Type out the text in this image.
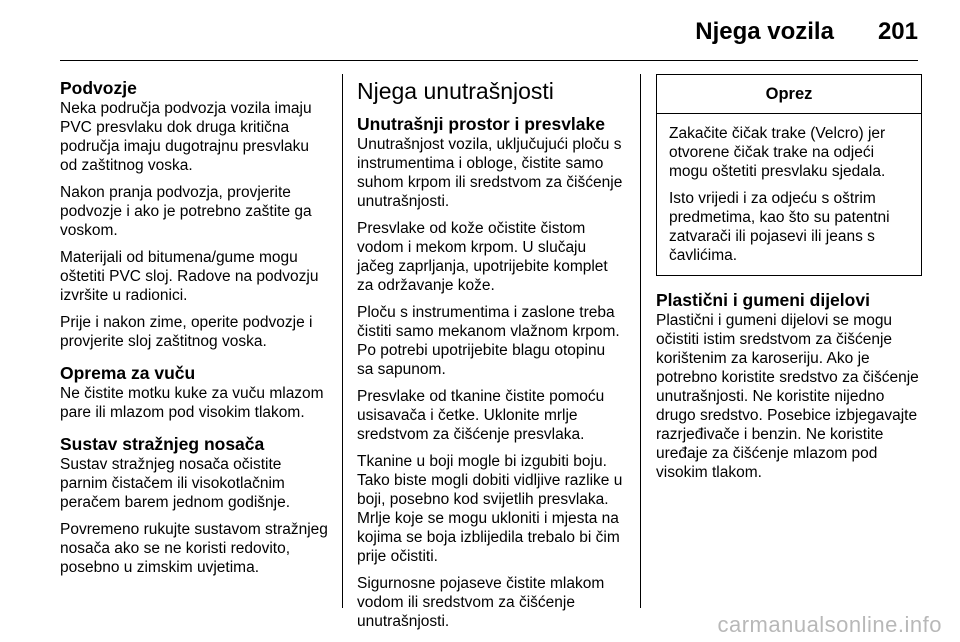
Njega vozila 201
Podvozje

Neka područja podvozja vozila imaju PVC presvlaku dok druga kritična područja imaju dugotrajnu presvlaku od zaštitnog voska.

Nakon pranja podvozja, provjerite podvozje i ako je potrebno zaštite ga voskom.

Materijali od bitumena/gume mogu oštetiti PVC sloj. Radove na podvozju izvršite u radionici.

Prije i nakon zime, operite podvozje i provjerite sloj zaštitnog voska.

Oprema za vuču

Ne čistite motku kuke za vuču mlazom pare ili mlazom pod visokim tlakom.

Sustav stražnjeg nosača

Sustav stražnjeg nosača očistite parnim čistačem ili visokotlačnim peračem barem jednom godišnje.

Povremeno rukujte sustavom stražnjeg nosača ako se ne koristi redovito, posebno u zimskim uvjetima.

Njega unutrašnjosti
Unutrašnji prostor i presvlake

Unutrašnjost vozila, uključujući ploču s instrumentima i obloge, čistite samo suhom krpom ili sredstvom za čišćenje unutrašnjosti.

Presvlake od kože očistite čistom vodom i mekom krpom. U slučaju jačeg zaprljanja, upotrijebite komplet za održavanje kože.

Ploču s instrumentima i zaslone treba čistiti samo mekanom vlažnom krpom. Po potrebi upotrijebite blagu otopinu sa sapunom.

Presvlake od tkanine čistite pomoću usisavača i četke. Uklonite mrlje sredstvom za čišćenje presvlaka.

Tkanine u boji mogle bi izgubiti boju. Tako biste mogli dobiti vidljive razlike u boji, posebno kod svijetlih presvlaka. Mrlje koje se mogu ukloniti i mjesta na kojima se boja izblijedila trebalo bi čim prije očistiti.

Sigurnosne pojaseve čistite mlakom vodom ili sredstvom za čišćenje unutrašnjosti.

Oprez

Zakačite čičak trake (Velcro) jer otvorene čičak trake na odjeći mogu oštetiti presvlaku sjedala.

Isto vrijedi i za odjeću s oštrim predmetima, kao što su patentni zatvarači ili pojasevi ili jeans s čavlićima.

Plastični i gumeni dijelovi

Plastični i gumeni dijelovi se mogu očistiti istim sredstvom za čišćenje korištenim za karoseriju. Ako je potrebno koristite sredstvo za čišćenje unutrašnjosti. Ne koristite nijedno drugo sredstvo. Posebice izbjegavajte razrjeđivače i benzin. Ne koristite uređaje za čišćenje mlazom pod visokim tlakom.

carmanualsonline.info
